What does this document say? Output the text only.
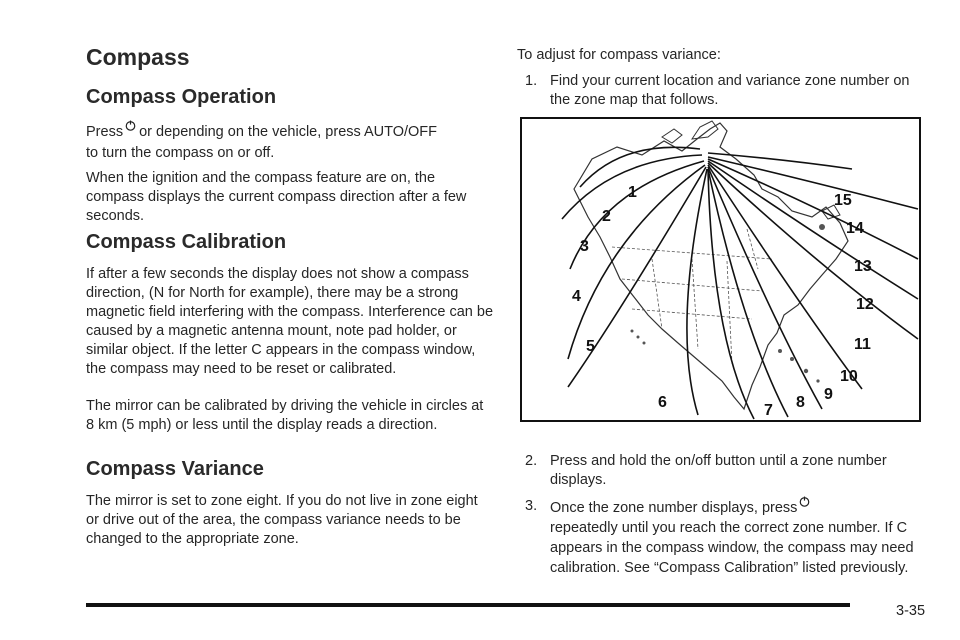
Compass
Compass Operation

Press or depending on the vehicle, press AUTO/OFF
to turn the compass on or off.

When the ignition and the compass feature are on, the compass displays the current compass direction after a few seconds.

Compass Calibration

If after a few seconds the display does not show a compass direction, (N for North for example), there may be a strong magnetic field interfering with the compass. Interference can be caused by a magnetic antenna mount, note pad holder, or similar object. If the letter C appears in the compass window, the compass may need to be reset or calibrated.

The mirror can be calibrated by driving the vehicle in circles at 8 km (5 mph) or less until the display reads a direction.

Compass Variance

The mirror is set to zone eight. If you do not live in zone eight or drive out of the area, the compass variance needs to be changed to the appropriate zone.

To adjust for compass variance:

1. Find your current location and variance zone number on the zone map that follows.
1
2
3
4
5
6	7 8 9
10
11
12
13
14
15
2. Press and hold the on/off button until a zone number displays.
3. Once the zone number displays, press
repeatedly until you reach the correct zone number. If C appears in the compass window, the compass may need calibration. See “Compass Calibration” listed previously.
3-35
